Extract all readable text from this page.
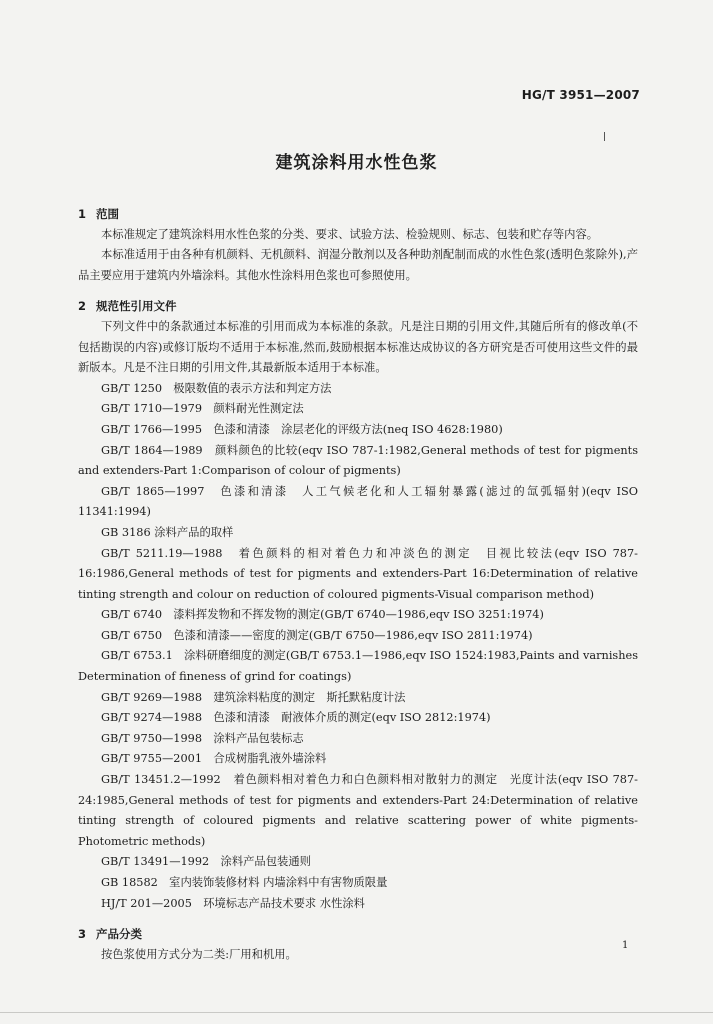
HG/T 3951—2007
建筑涂料用水性色浆

1 范围

本标准规定了建筑涂料用水性色浆的分类、要求、试验方法、检验规则、标志、包装和贮存等内容。

本标准适用于由各种有机颜料、无机颜料、润湿分散剂以及各种助剂配制而成的水性色浆(透明色浆除外),产品主要应用于建筑内外墙涂料。其他水性涂料用色浆也可参照使用。

2 规范性引用文件

下列文件中的条款通过本标准的引用而成为本标准的条款。凡是注日期的引用文件,其随后所有的修改单(不包括勘误的内容)或修订版均不适用于本标准,然而,鼓励根据本标准达成协议的各方研究是否可使用这些文件的最新版本。凡是不注日期的引用文件,其最新版本适用于本标准。

GB/T 1250　极限数值的表示方法和判定方法

GB/T 1710—1979　颜料耐光性测定法

GB/T 1766—1995　色漆和清漆　涂层老化的评级方法(neq ISO 4628:1980)

GB/T 1864—1989　颜料颜色的比较(eqv ISO 787-1:1982,General methods of test for pigments and extenders-Part 1:Comparison of colour of pigments)

GB/T 1865—1997　色漆和清漆　人工气候老化和人工辐射暴露(滤过的氙弧辐射)(eqv ISO 11341:1994)

GB 3186 涂料产品的取样

GB/T 5211.19—1988　着色颜料的相对着色力和冲淡色的测定　目视比较法(eqv ISO 787-16:1986,General methods of test for pigments and extenders-Part 16:Determination of relative tinting strength and colour on reduction of coloured pigments-Visual comparison method)

GB/T 6740　漆料挥发物和不挥发物的测定(GB/T 6740—1986,eqv ISO 3251:1974)

GB/T 6750　色漆和清漆——密度的测定(GB/T 6750—1986,eqv ISO 2811:1974)

GB/T 6753.1　涂料研磨细度的测定(GB/T 6753.1—1986,eqv ISO 1524:1983,Paints and varnishes Determination of fineness of grind for coatings)

GB/T 9269—1988　建筑涂料粘度的测定　斯托默粘度计法

GB/T 9274—1988　色漆和清漆　耐液体介质的测定(eqv ISO 2812:1974)

GB/T 9750—1998　涂料产品包装标志

GB/T 9755—2001　合成树脂乳液外墙涂料

GB/T 13451.2—1992　着色颜料相对着色力和白色颜料相对散射力的测定　光度计法(eqv ISO 787-24:1985,General methods of test for pigments and extenders-Part 24:Determination of relative tinting strength of coloured pigments and relative scattering power of white pigments-Photometric methods)

GB/T 13491—1992　涂料产品包装通则

GB 18582　室内装饰装修材料 内墙涂料中有害物质限量

HJ/T 201—2005　环境标志产品技术要求 水性涂料

3 产品分类

按色浆使用方式分为二类:厂用和机用。

1
